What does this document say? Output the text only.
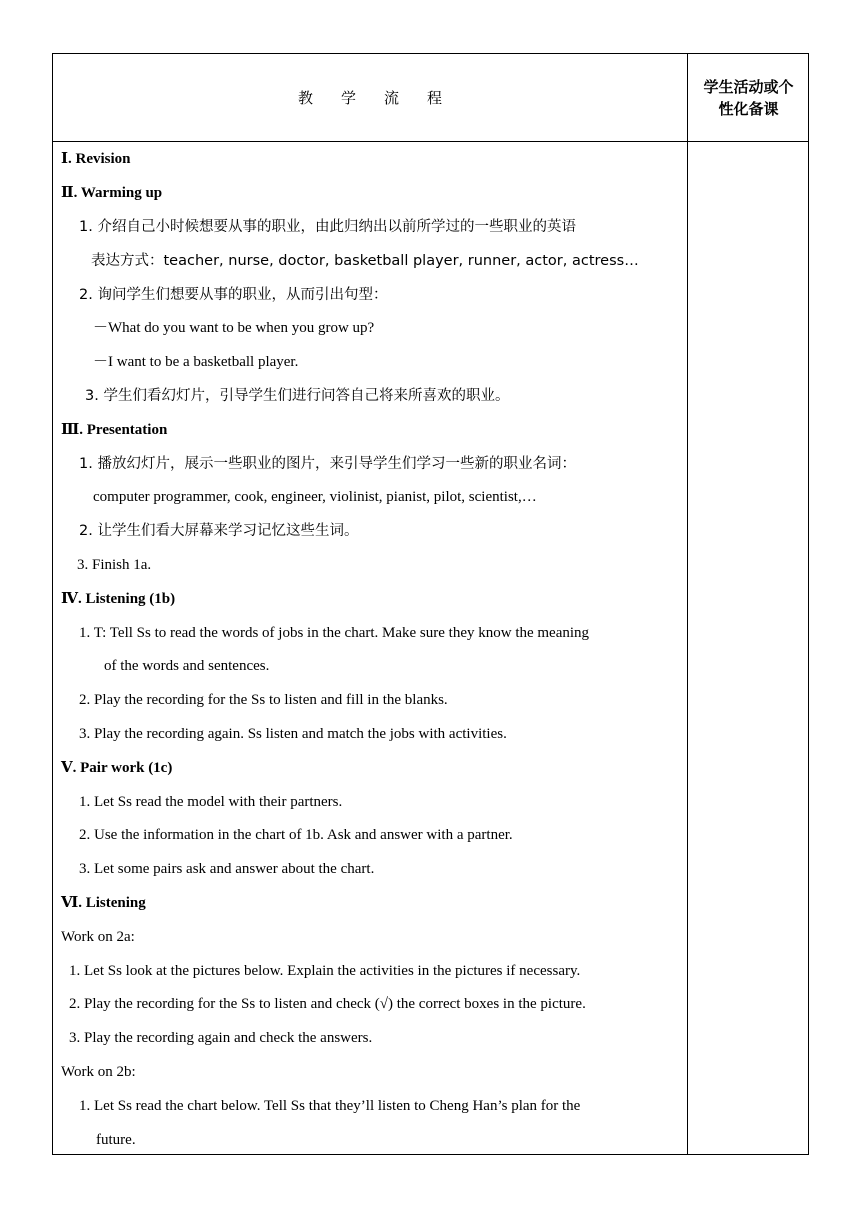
教 学 流 程
学生活动或个
性化备课
Ⅰ. Revision
Ⅱ. Warming up
1. 介绍自己小时候想要从事的职业，由此归纳出以前所学过的一些职业的英语
表达方式：teacher, nurse, doctor, basketball player, runner, actor, actress…
2. 询问学生们想要从事的职业，从而引出句型：
－What do you want to be when you grow up?
－I want to be a basketball player.
3. 学生们看幻灯片，引导学生们进行问答自己将来所喜欢的职业。
Ⅲ. Presentation
1. 播放幻灯片，展示一些职业的图片，来引导学生们学习一些新的职业名词：
computer programmer, cook, engineer, violinist, pianist, pilot, scientist,…
2. 让学生们看大屏幕来学习记忆这些生词。
3. Finish 1a.
Ⅳ. Listening (1b)
1. T: Tell Ss to read the words of jobs in the chart. Make sure they know the meaning
of the words and sentences.
2. Play the recording for the Ss to listen and fill in the blanks.
3. Play the recording again. Ss listen and match the jobs with activities.
Ⅴ. Pair work (1c)
1. Let Ss read the model with their partners.
2. Use the information in the chart of 1b. Ask and answer with a partner.
3. Let some pairs ask and answer about the chart.
Ⅵ. Listening
Work on 2a:
1. Let Ss look at the pictures below. Explain the activities in the pictures if necessary.
2. Play the recording for the Ss to listen and check (√) the correct boxes in the picture.
3. Play the recording again and check the answers.
Work on 2b:
1. Let Ss read the chart below. Tell Ss that they’ll listen to Cheng Han’s plan for the
future.
